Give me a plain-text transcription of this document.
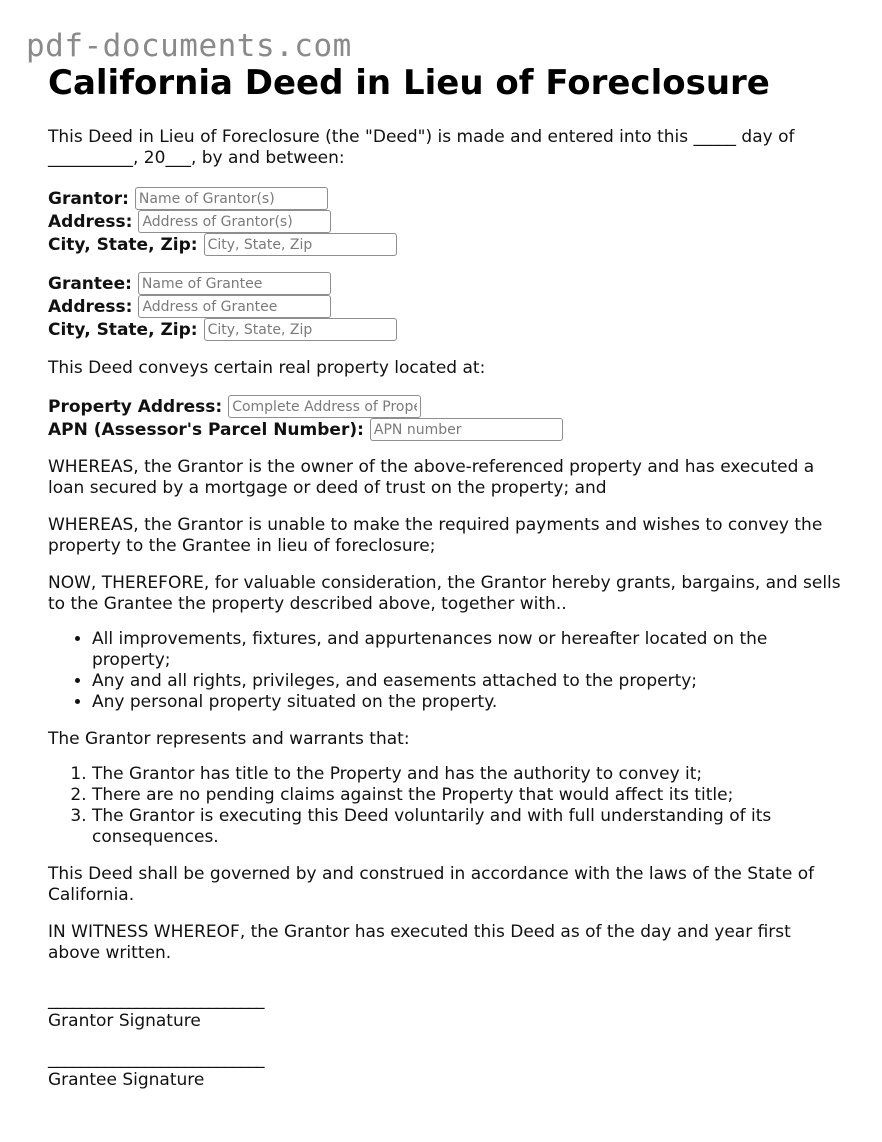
pdf-documents.com
California Deed in Lieu of Foreclosure

This Deed in Lieu of Foreclosure (the "Deed") is made and entered into this _____ day of __________, 20___, by and between:

Grantor:
Name of Grantor(s)
Address:
Address of Grantor(s)
City, State, Zip:
City, State, Zip
Grantee:
Name of Grantee
Address:
Address of Grantee
City, State, Zip:
City, State, Zip

This Deed conveys certain real property located at:

Property Address:
Complete Address of Property
APN (Assessor's Parcel Number):
APN number

WHEREAS, the Grantor is the owner of the above-referenced property and has executed a loan secured by a mortgage or deed of trust on the property; and

WHEREAS, the Grantor is unable to make the required payments and wishes to convey the property to the Grantee in lieu of foreclosure;

NOW, THEREFORE, for valuable consideration, the Grantor hereby grants, bargains, and sells to the Grantee the property described above, together with..

• All improvements, fixtures, and appurtenances now or hereafter located on the property;
• Any and all rights, privileges, and easements attached to the property;
• Any personal property situated on the property.

The Grantor represents and warrants that:

1. The Grantor has title to the Property and has the authority to convey it;
2. There are no pending claims against the Property that would affect its title;
3. The Grantor is executing this Deed voluntarily and with full understanding of its consequences.

This Deed shall be governed by and construed in accordance with the laws of the State of California.

IN WITNESS WHEREOF, the Grantor has executed this Deed as of the day and year first above written.

___________________________
Grantor Signature
___________________________
Grantee Signature
